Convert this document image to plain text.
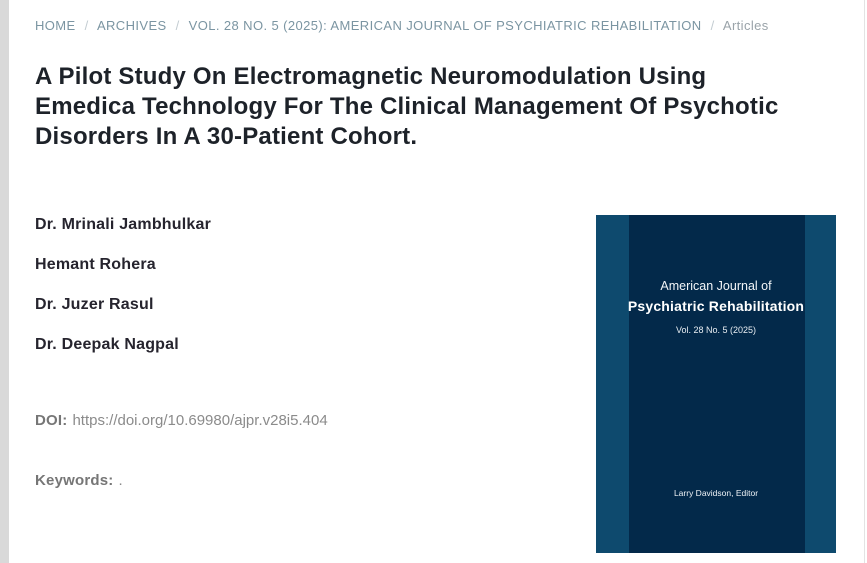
HOME / ARCHIVES / VOL. 28 NO. 5 (2025): AMERICAN JOURNAL OF PSYCHIATRIC REHABILITATION / Articles
A Pilot Study On Electromagnetic Neuromodulation Using Emedica Technology For The Clinical Management Of Psychotic Disorders In A 30-Patient Cohort.
Dr. Mrinali Jambhulkar
Hemant Rohera
Dr. Juzer Rasul
Dr. Deepak Nagpal
DOI: https://doi.org/10.69980/ajpr.v28i5.404
Keywords: .
American Journal of
Psychiatric Rehabilitation
Vol. 28 No. 5 (2025)
Larry Davidson, Editor
